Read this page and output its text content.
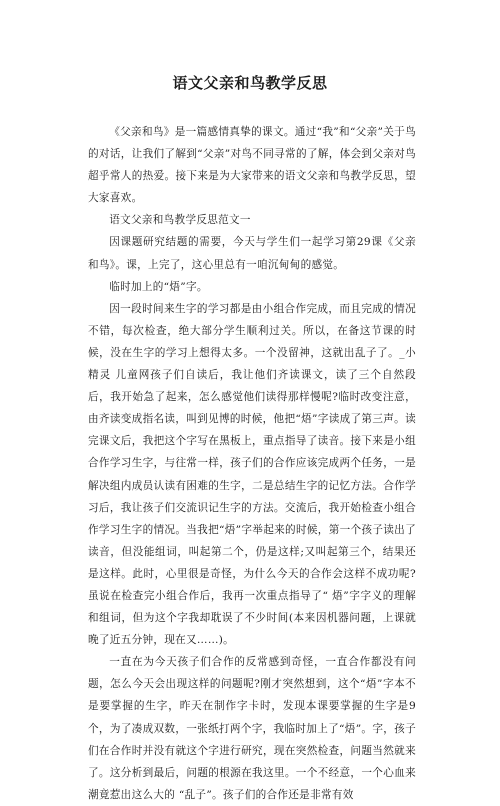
语文父亲和鸟教学反思

《父亲和鸟》是一篇感情真挚的课文。通过“我”和“父亲”关于鸟的对话，让我们了解到“父亲”对鸟不同寻常的了解，体会到父亲对鸟超乎常人的热爱。接下来是为大家带来的语文父亲和鸟教学反思，望大家喜欢。

语文父亲和鸟教学反思范文一

因课题研究结题的需要，今天与学生们一起学习第29课《父亲和鸟》。课，上完了，这心里总有一咱沉甸甸的感觉。

临时加上的“焐”字。

因一段时间来生字的学习都是由小组合作完成，而且完成的情况不错，每次检查，绝大部分学生顺利过关。所以，在备这节课的时候，没在生字的学习上想得太多。一个没留神，这就出乱子了。_小精灵 儿童网孩子们自读后，我让他们齐读课文，读了三个自然段后，我开始急了起来，怎么感觉他们读得那样慢呢?临时改变注意，由齐读变成指名读，叫到见博的时候，他把“焐”字读成了第三声。读完课文后，我把这个字写在黑板上，重点指导了读音。接下来是小组合作学习生字，与往常一样，孩子们的合作应该完成两个任务，一是解决组内成员认读有困难的生字，二是总结生字的记忆方法。合作学习后，我让孩子们交流识记生字的方法。交流后，我开始检查小组合作学习生字的情况。当我把“焐”字举起来的时候，第一个孩子读出了读音，但没能组词，叫起第二个，仍是这样;又叫起第三个，结果还是这样。此时，心里很是奇怪，为什么今天的合作会这样不成功呢?虽说在检查完小组合作后，我再一次重点指导了“ 焐”字字义的理解和组词，但为这个字我却耽误了不少时间(本来因机器问题，上课就晚了近五分钟，现在又……)。

一直在为今天孩子们合作的反常感到奇怪，一直合作都没有问题，怎么今天会出现这样的问题呢?刚才突然想到，这个“焐”字本不是要掌握的生字，昨天在制作字卡时，发现本课要掌握的生字是9个，为了凑成双数，一张纸打两个字，我临时加上了“焐”。字，孩子们在合作时并没有就这个字进行研究，现在突然检查，问题当然就来了。这分析到最后，问题的根源在我这里。一个不经意，一个心血来潮竟惹出这么大的 “乱子”。孩子们的合作还是非常有效
